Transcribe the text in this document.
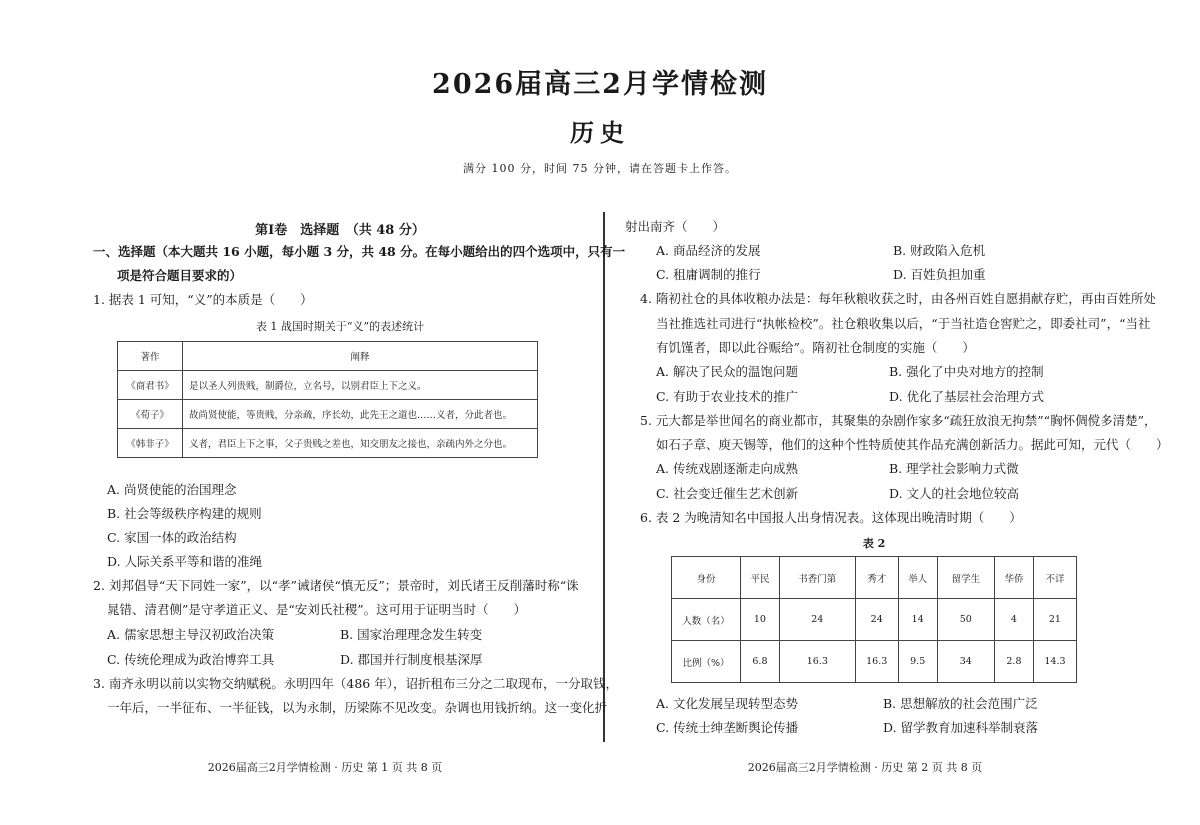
2026届高三2月学情检测
历史
满分 100 分，时间 75 分钟，请在答题卡上作答。
第Ⅰ卷　选择题　（共 48 分）
一、选择题（本大题共 16 小题，每小题 3 分，共 48 分。在每小题给出的四个选项中，只有一
项是符合题目要求的）
1. 据表 1 可知，“义”的本质是（　　）
表 1 战国时期关于“义”的表述统计
著作	阐释
《商君书》	是以圣人列贵贱，制爵位，立名号，以别君臣上下之义。
《荀子》	故尚贤使能，等贵贱，分亲疏，序长幼，此先王之道也……义者，分此者也。
《韩非子》	义者，君臣上下之事，父子贵贱之差也，知交朋友之接也，亲疏内外之分也。
A. 尚贤使能的治国理念
B. 社会等级秩序构建的规则
C. 家国一体的政治结构
D. 人际关系平等和谐的准绳
2. 刘邦倡导“天下同姓一家”，以“孝”诫诸侯“慎无反”；景帝时，刘氏诸王反削藩时称“诛
晁错、清君侧”是守孝道正义、是“安刘氏社稷”。这可用于证明当时（　　）
A. 儒家思想主导汉初政治决策	B. 国家治理理念发生转变
C. 传统伦理成为政治博弈工具	D. 郡国并行制度根基深厚
3. 南齐永明以前以实物交纳赋税。永明四年（486 年），诏折租布三分之二取现布，一分取钱，
一年后，一半征布、一半征钱，以为永制，历梁陈不见改变。杂调也用钱折纳。这一变化折
射出南齐（　　）
A. 商品经济的发展	B. 财政陷入危机
C. 租庸调制的推行	D. 百姓负担加重
4. 隋初社仓的具体收粮办法是：每年秋粮收获之时，由各州百姓自愿捐献存贮，再由百姓所处
当社推选社司进行“执帐检校”。社仓粮收集以后，“于当社造仓窖贮之，即委社司”，“当社
有饥馑者，即以此谷赈给”。隋初社仓制度的实施（　　）
A. 解决了民众的温饱问题	B. 强化了中央对地方的控制
C. 有助于农业技术的推广	D. 优化了基层社会治理方式
5. 元大都是举世闻名的商业都市，其聚集的杂剧作家多“疏狂放浪无拘禁”“胸怀倜傥多清楚”，
如石子章、庾天锡等，他们的这种个性特质使其作品充满创新活力。据此可知，元代（　　）
A. 传统戏剧逐渐走向成熟	B. 理学社会影响力式微
C. 社会变迁催生艺术创新	D. 文人的社会地位较高
6. 表 2 为晚清知名中国报人出身情况表。这体现出晚清时期（　　）
表 2
身份	平民	书香门第	秀才	举人	留学生	华侨	不详
人数（名）	10	24	24	14	50	4	21
比例（%）	6.8	16.3	16.3	9.5	34	2.8	14.3
A. 文化发展呈现转型态势	B. 思想解放的社会范围广泛
C. 传统士绅垄断舆论传播	D. 留学教育加速科举制衰落
2026届高三2月学情检测 · 历史 第 1 页 共 8 页	2026届高三2月学情检测 · 历史 第 2 页 共 8 页
